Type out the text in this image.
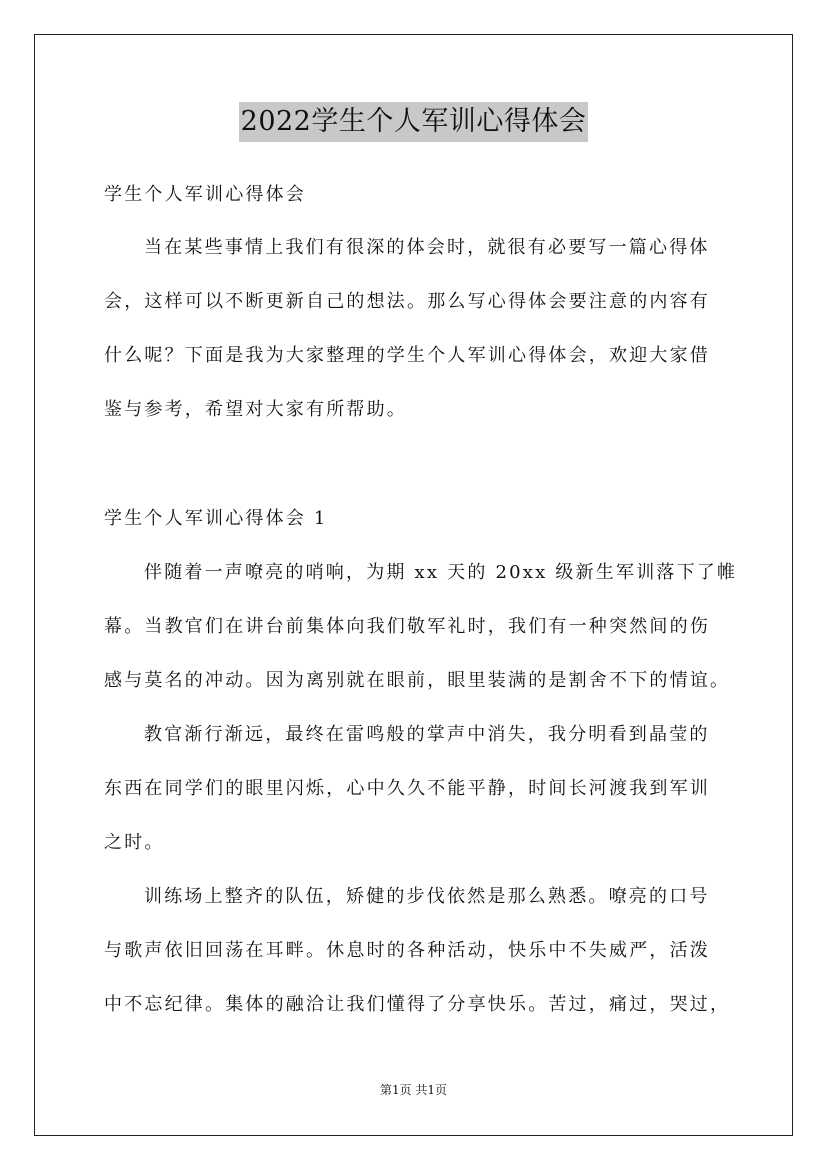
2022学生个人军训心得体会
学生个人军训心得体会
当在某些事情上我们有很深的体会时，就很有必要写一篇心得体
会，这样可以不断更新自己的想法。那么写心得体会要注意的内容有
什么呢？下面是我为大家整理的学生个人军训心得体会，欢迎大家借
鉴与参考，希望对大家有所帮助。
学生个人军训心得体会 1
伴随着一声嘹亮的哨响，为期 xx 天的 20xx 级新生军训落下了帷
幕。当教官们在讲台前集体向我们敬军礼时，我们有一种突然间的伤
感与莫名的冲动。因为离别就在眼前，眼里装满的是割舍不下的情谊。
教官渐行渐远，最终在雷鸣般的掌声中消失，我分明看到晶莹的
东西在同学们的眼里闪烁，心中久久不能平静，时间长河渡我到军训
之时。
训练场上整齐的队伍，矫健的步伐依然是那么熟悉。嘹亮的口号
与歌声依旧回荡在耳畔。休息时的各种活动，快乐中不失威严，活泼
中不忘纪律。集体的融洽让我们懂得了分享快乐。苦过，痛过，哭过，
第1页 共1页
